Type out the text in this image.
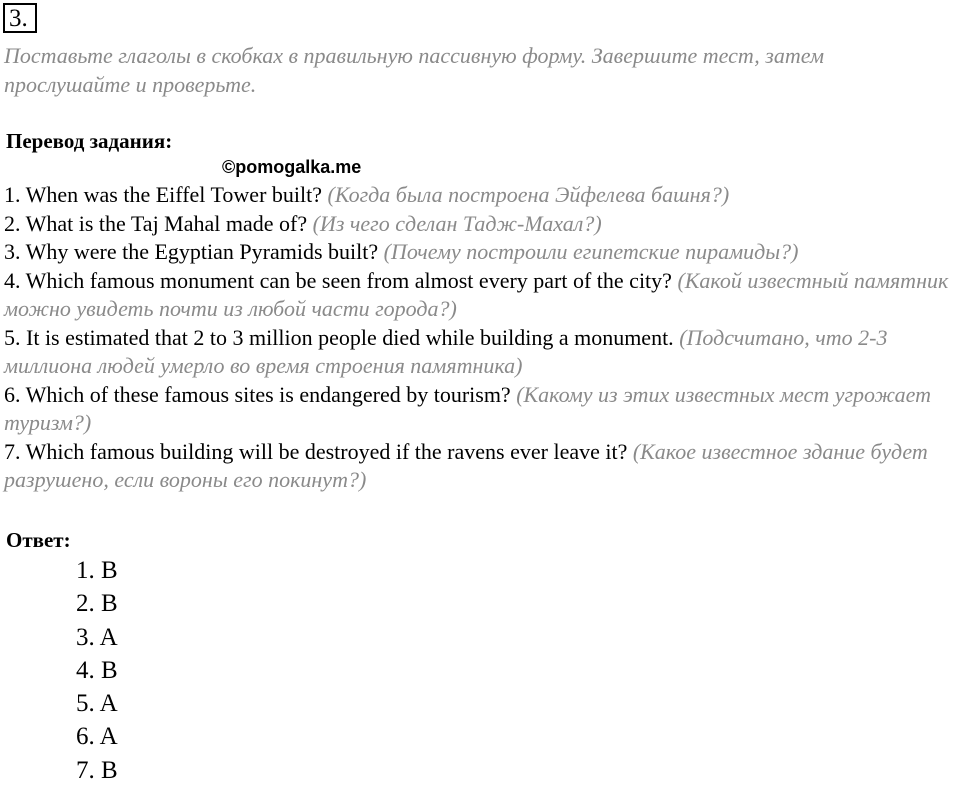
3.
Поставьте глаголы в скобках в правильную пассивную форму. Завершите тест, затем прослушайте и проверьте.
Перевод задания:
©pomogalka.me
1. When was the Eiffel Tower built? (Когда была построена Эйфелева башня?)
2. What is the Taj Mahal made of? (Из чего сделан Тадж-Махал?)
3. Why were the Egyptian Pyramids built? (Почему построили египетские пирамиды?)
4. Which famous monument can be seen from almost every part of the city? (Какой известный памятник можно увидеть почти из любой части города?)
5. It is estimated that 2 to 3 million people died while building a monument. (Подсчитано, что 2-3 миллиона людей умерло во время строения памятника)
6. Which of these famous sites is endangered by tourism? (Какому из этих известных мест угрожает туризм?)
7. Which famous building will be destroyed if the ravens ever leave it? (Какое известное здание будет разрушено, если вороны его покинут?)
Ответ:
1. B
2. B
3. A
4. B
5. A
6. A
7. B
